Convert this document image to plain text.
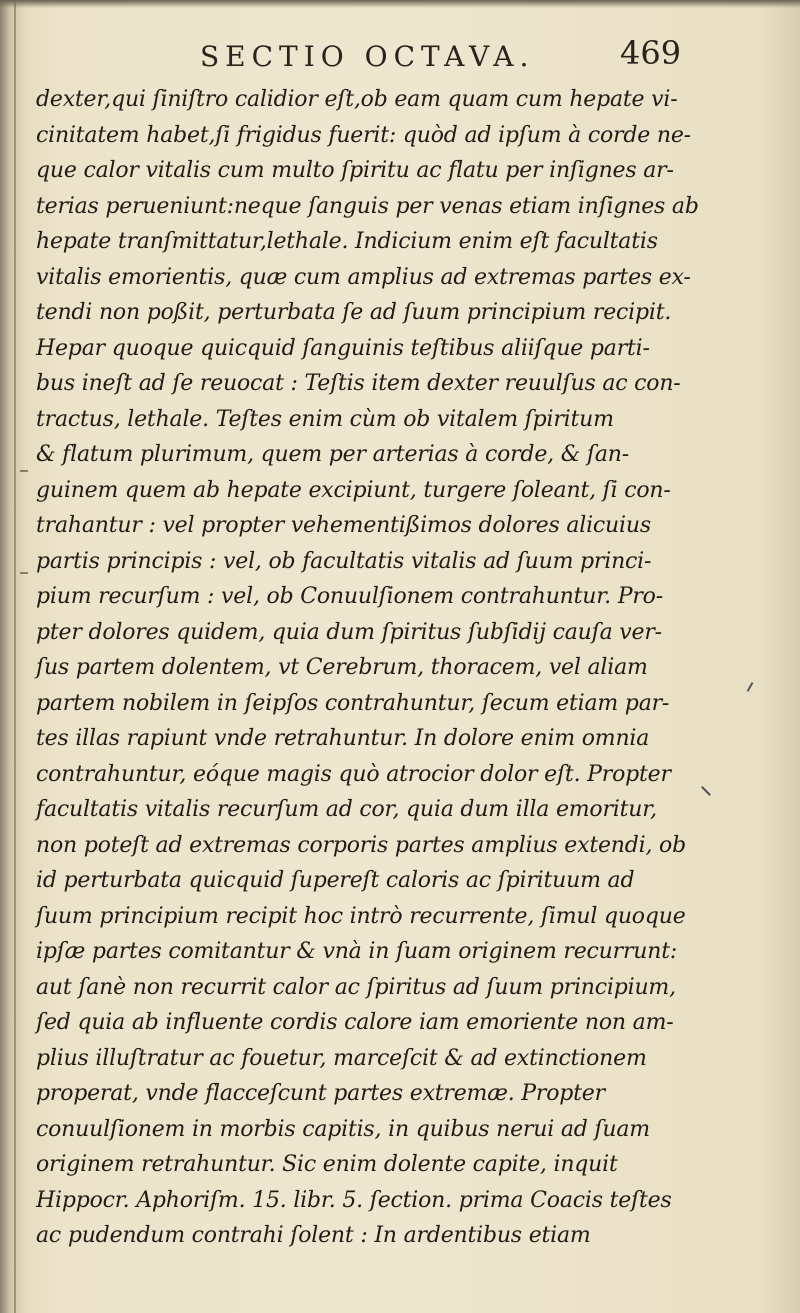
SECTIO OCTAVA.	469
dexter,qui ſiniſtro calidior eſt,ob eam quam cum hepate vi-
cinitatem habet,ſi frigidus fuerit: quòd ad ipſum à corde ne-
que calor vitalis cum multo ſpiritu ac flatu per inſignes ar-
terias perueniunt:neque ſanguis per venas etiam inſignes ab
hepate tranſmittatur,lethale. Indicium enim eſt facultatis
vitalis emorientis, quæ cum amplius ad extremas partes ex-
tendi non poßit, perturbata ſe ad ſuum principium recipit.
Hepar quoque quicquid ſanguinis teſtibus aliiſque parti-
bus ineſt ad ſe reuocat : Teſtis item dexter reuulſus ac con-
tractus, lethale. Teſtes enim cùm ob vitalem ſpiritum
& flatum plurimum, quem per arterias à corde, & ſan-
guinem quem ab hepate excipiunt, turgere ſoleant, ſi con-
trahantur : vel propter vehementißimos dolores alicuius
partis principis : vel, ob facultatis vitalis ad ſuum princi-
pium recurſum : vel, ob Conuulſionem contrahuntur. Pro-
pter dolores quidem, quia dum ſpiritus ſubſidij cauſa ver-
ſus partem dolentem, vt Cerebrum, thoracem, vel aliam
partem nobilem in ſeipſos contrahuntur, ſecum etiam par-
tes illas rapiunt vnde retrahuntur. In dolore enim omnia
contrahuntur, eóque magis quò atrocior dolor eſt. Propter
facultatis vitalis recurſum ad cor, quia dum illa emoritur,
non poteſt ad extremas corporis partes amplius extendi, ob
id perturbata quicquid ſupereſt caloris ac ſpirituum ad
ſuum principium recipit hoc intrò recurrente, ſimul quoque
ipſæ partes comitantur & vnà in ſuam originem recurrunt:
aut ſanè non recurrit calor ac ſpiritus ad ſuum principium,
ſed quia ab influente cordis calore iam emoriente non am-
plius illuſtratur ac fouetur, marceſcit & ad extinctionem
properat, vnde flacceſcunt partes extremæ. Propter
conuulſionem in morbis capitis, in quibus nerui ad ſuam
originem retrahuntur. Sic enim dolente capite, inquit
Hippocr. Aphoriſm. 15. libr. 5. ſection. prima Coacis teſtes
ac pudendum contrahi ſolent : In ardentibus etiam
